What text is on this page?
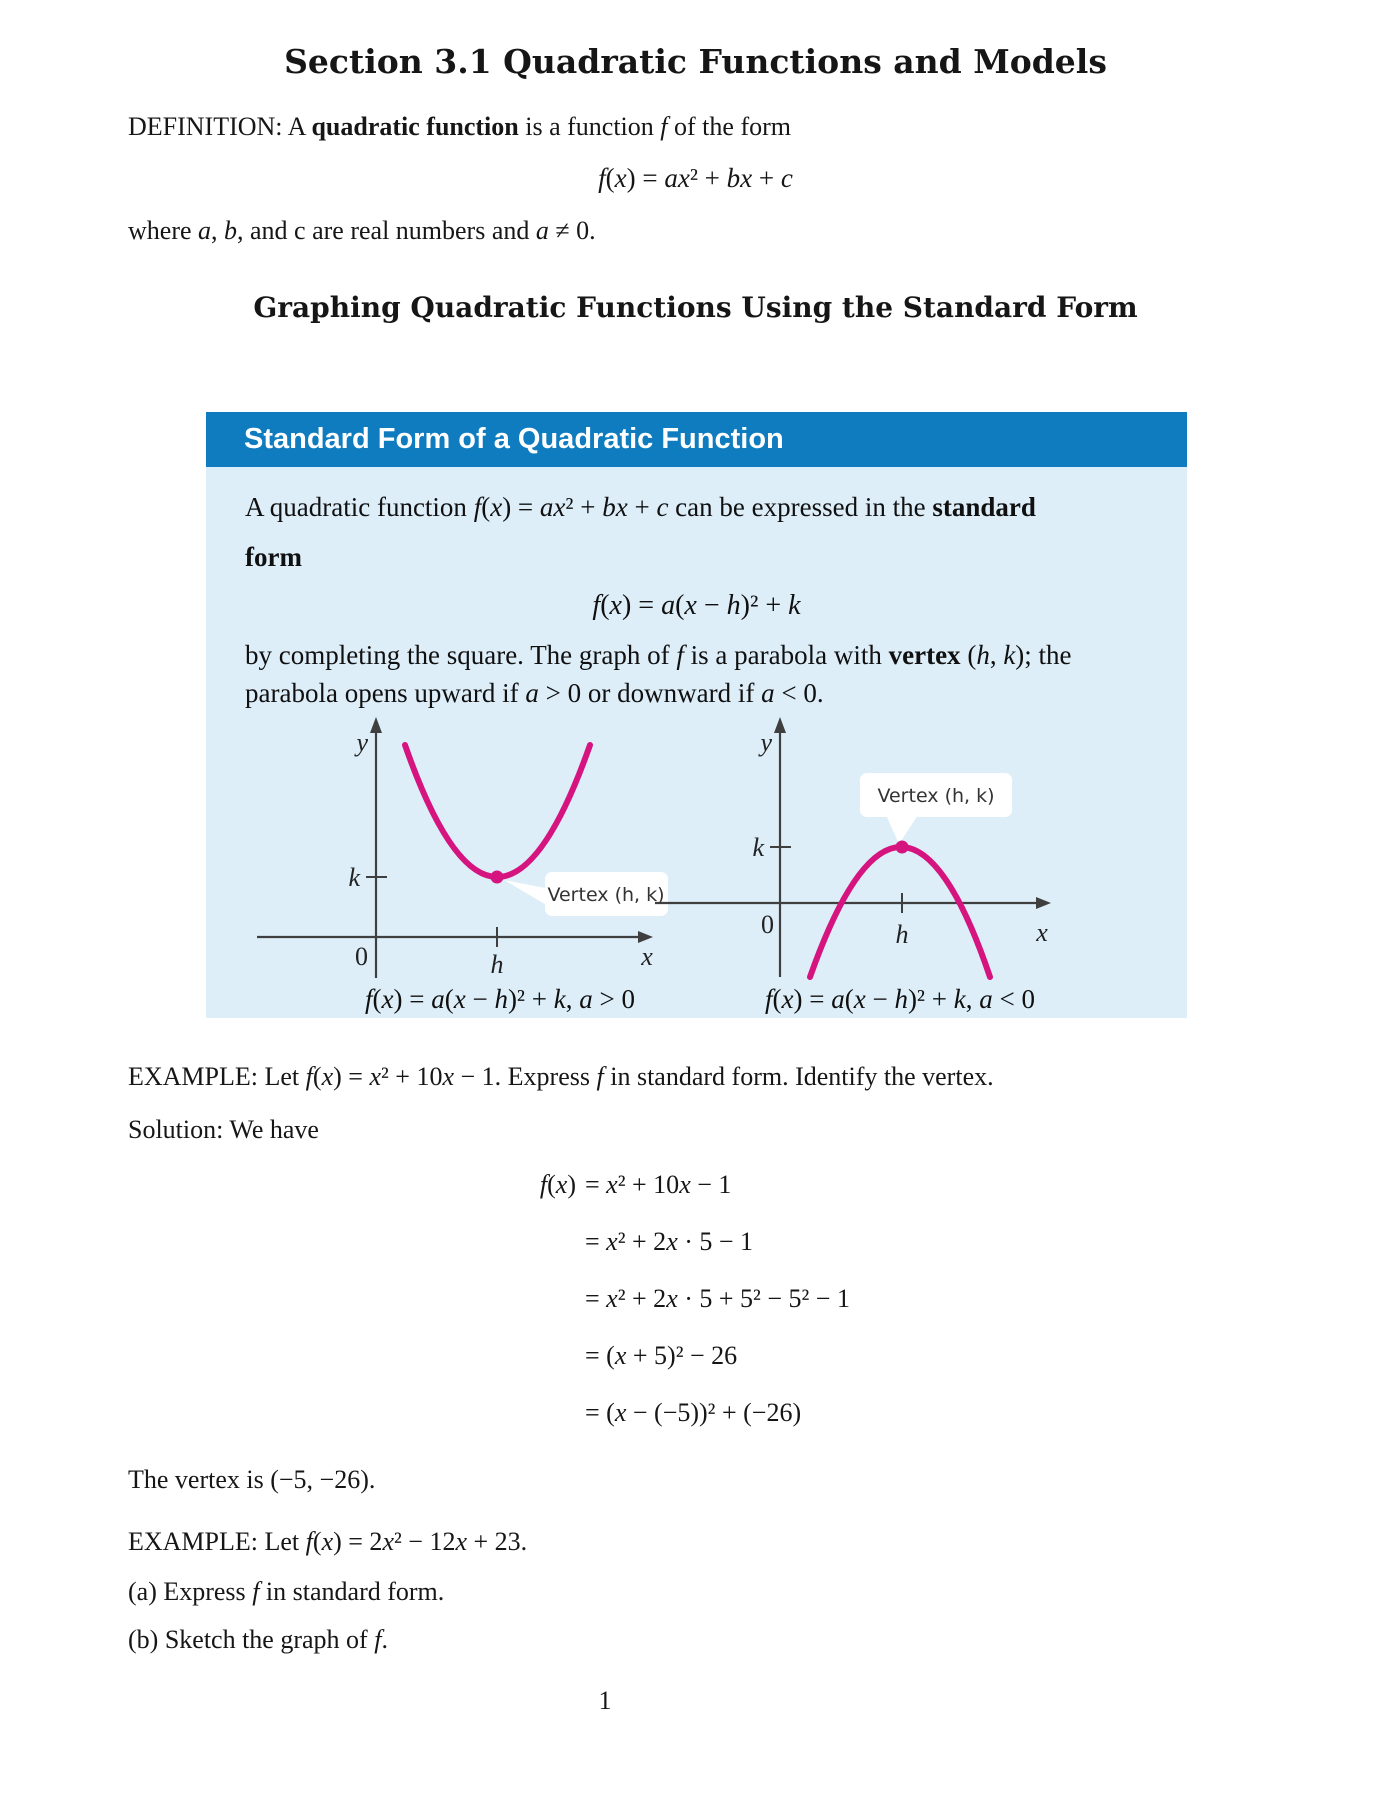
Section 3.1 Quadratic Functions and Models
DEFINITION: A quadratic function is a function f of the form
f(x) = ax² + bx + c
where a, b, and c are real numbers and a ≠ 0.
Graphing Quadratic Functions Using the Standard Form
Standard Form of a Quadratic Function
A quadratic function f(x) = ax² + bx + c can be expressed in the standard
form
f(x) = a(x − h)² + k
by completing the square. The graph of f is a parabola with vertex (h, k); the
parabola opens upward if a > 0 or downward if a < 0.
Vertex (h, k)
y
0
k
h	x
Vertex (h, k)
y
0
k
h	x
f(x) = a(x − h)² + k, a > 0	f(x) = a(x − h)² + k, a < 0
EXAMPLE: Let f(x) = x² + 10x − 1. Express f in standard form. Identify the vertex.
Solution: We have
f(x) = x² + 10x − 1
= x² + 2x · 5 − 1
= x² + 2x · 5 + 5² − 5² − 1
= (x + 5)² − 26
= (x − (−5))² + (−26)
The vertex is (−5, −26).
EXAMPLE: Let f(x) = 2x² − 12x + 23.
(a) Express f in standard form.
(b) Sketch the graph of f.
1
